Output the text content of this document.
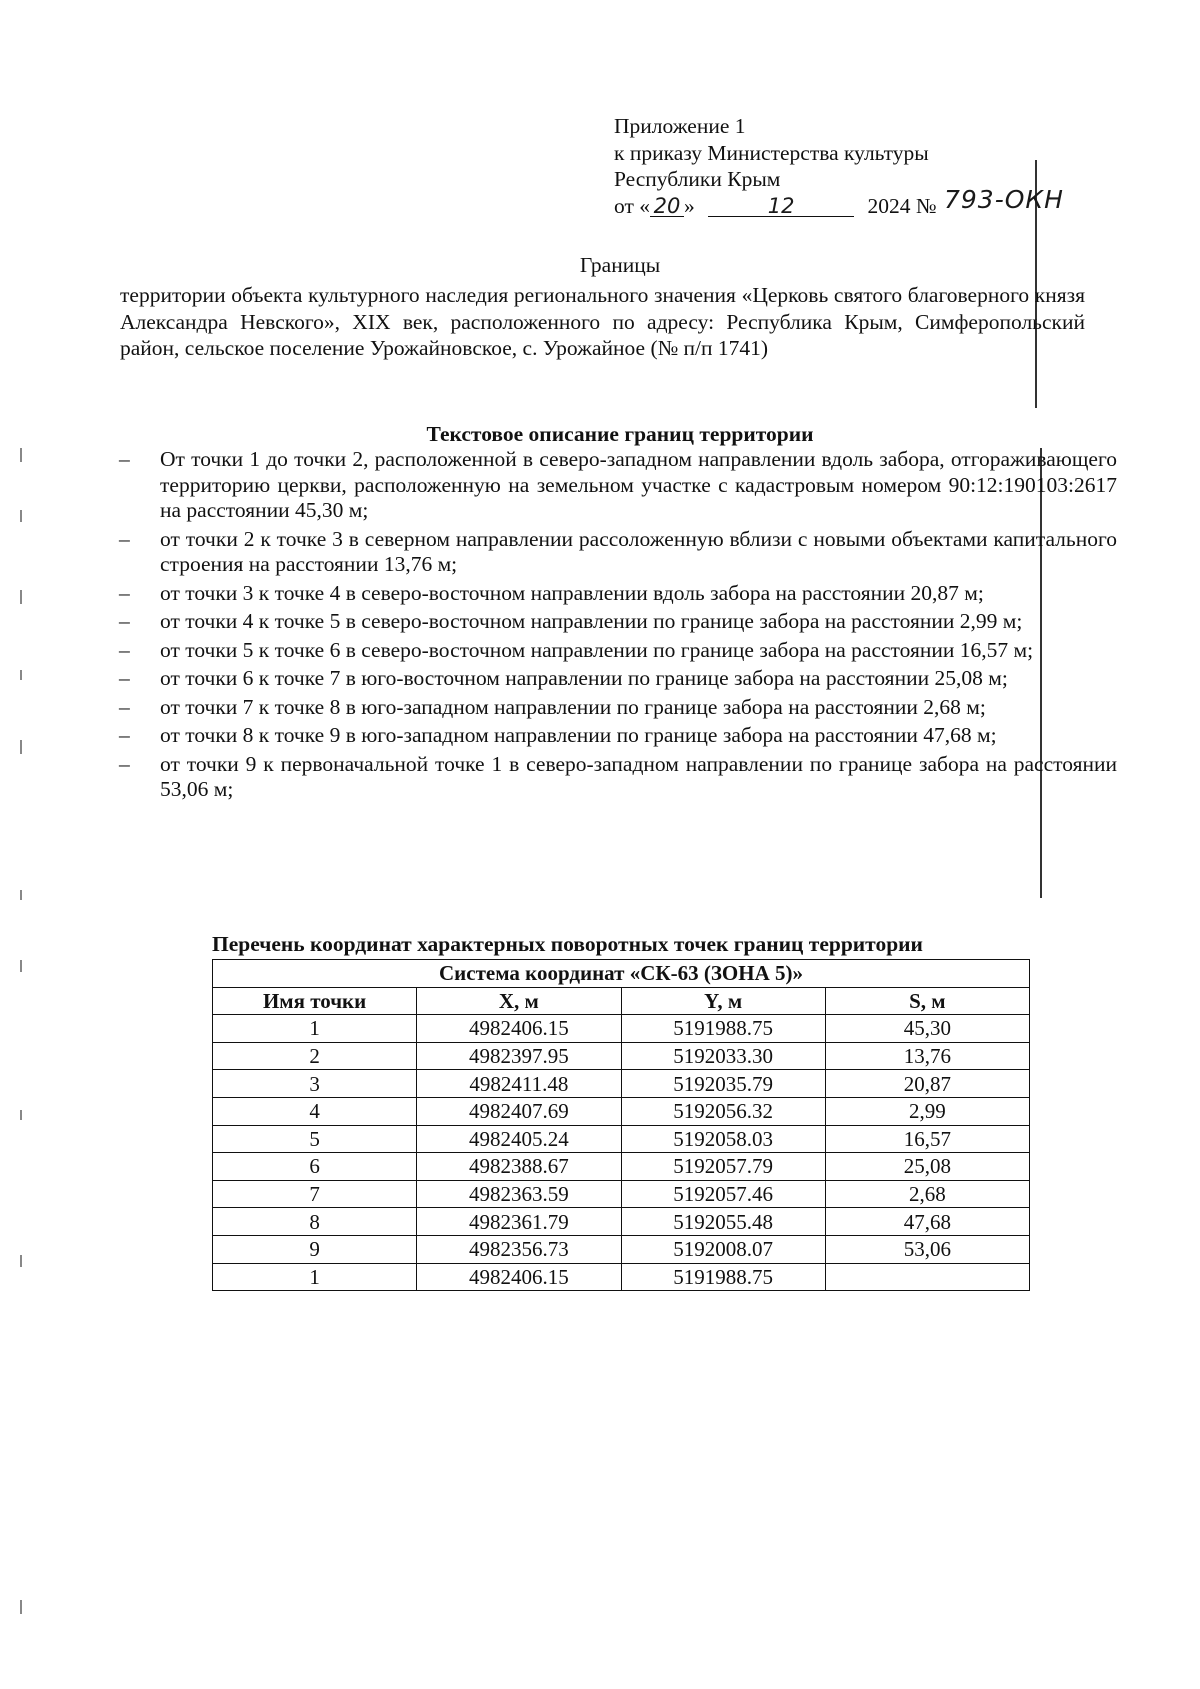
Приложение 1
к приказу Министерства культуры
Республики Крым
от « 20 »	12	2024 № 793-ОКН
Границы
территории объекта культурного наследия регионального значения «Церковь святого благоверного князя Александра Невского», XIX век, расположенного по адресу: Республика Крым, Симферопольский район, сельское поселение Урожайновское, с. Урожайное (№ п/п 1741)
Текстовое описание границ территории
– От точки 1 до точки 2, расположенной в северо-западном направлении вдоль забора, отгораживающего территорию церкви, расположенную на земельном участке с кадастровым номером 90:12:190103:2617 на расстоянии 45,30 м;
– от точки 2 к точке 3 в северном направлении рассоложенную вблизи с новыми объектами капитального строения на расстоянии 13,76 м;
– от точки 3 к точке 4 в северо-восточном направлении вдоль забора на расстоянии 20,87 м;
– от точки 4 к точке 5 в северо-восточном направлении по границе забора на расстоянии 2,99 м;
– от точки 5 к точке 6 в северо-восточном направлении по границе забора на расстоянии 16,57 м;
– от точки 6 к точке 7 в юго-восточном направлении по границе забора на расстоянии 25,08 м;
– от точки 7 к точке 8 в юго-западном направлении по границе забора на расстоянии 2,68 м;
– от точки 8 к точке 9 в юго-западном направлении по границе забора на расстоянии 47,68 м;
– от точки 9 к первоначальной точке 1 в северо-западном направлении по границе забора на расстоянии 53,06 м;
Перечень координат характерных поворотных точек границ территории
Система координат «СК-63 (ЗОНА 5)»			
Имя точки	X, м	Y, м	S, м
1	4982406.15	5191988.75	45,30
2	4982397.95	5192033.30	13,76
3	4982411.48	5192035.79	20,87
4	4982407.69	5192056.32	2,99
5	4982405.24	5192058.03	16,57
6	4982388.67	5192057.79	25,08
7	4982363.59	5192057.46	2,68
8	4982361.79	5192055.48	47,68
9	4982356.73	5192008.07	53,06
1	4982406.15	5191988.75	
